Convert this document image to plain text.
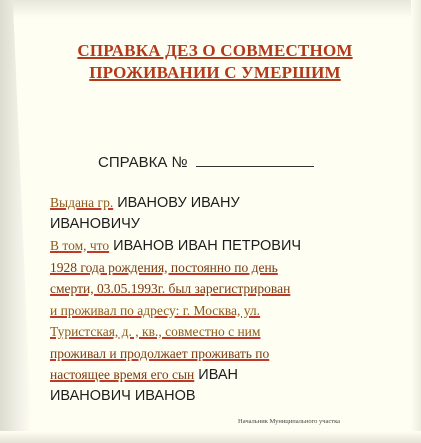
СПРАВКА ДЕЗ О СОВМЕСТНОМ
ПРОЖИВАНИИ С УМЕРШИМ
СПРАВКА №
Выдана гр. ИВАНОВУ ИВАНУ
ИВАНОВИЧУ
В том, что ИВАНОВ ИВАН ПЕТРОВИЧ
1928 года рождения, постоянно по день
смерти, 03.05.1993г. был зарегистрирован
и проживал по адресу: г. Москва, ул.
Туристская, д. , кв., совместно с ним
проживал и продолжает проживать по
настоящее время его сын ИВАН
ИВАНОВИЧ ИВАНОВ
Начальник Муниципального участка
